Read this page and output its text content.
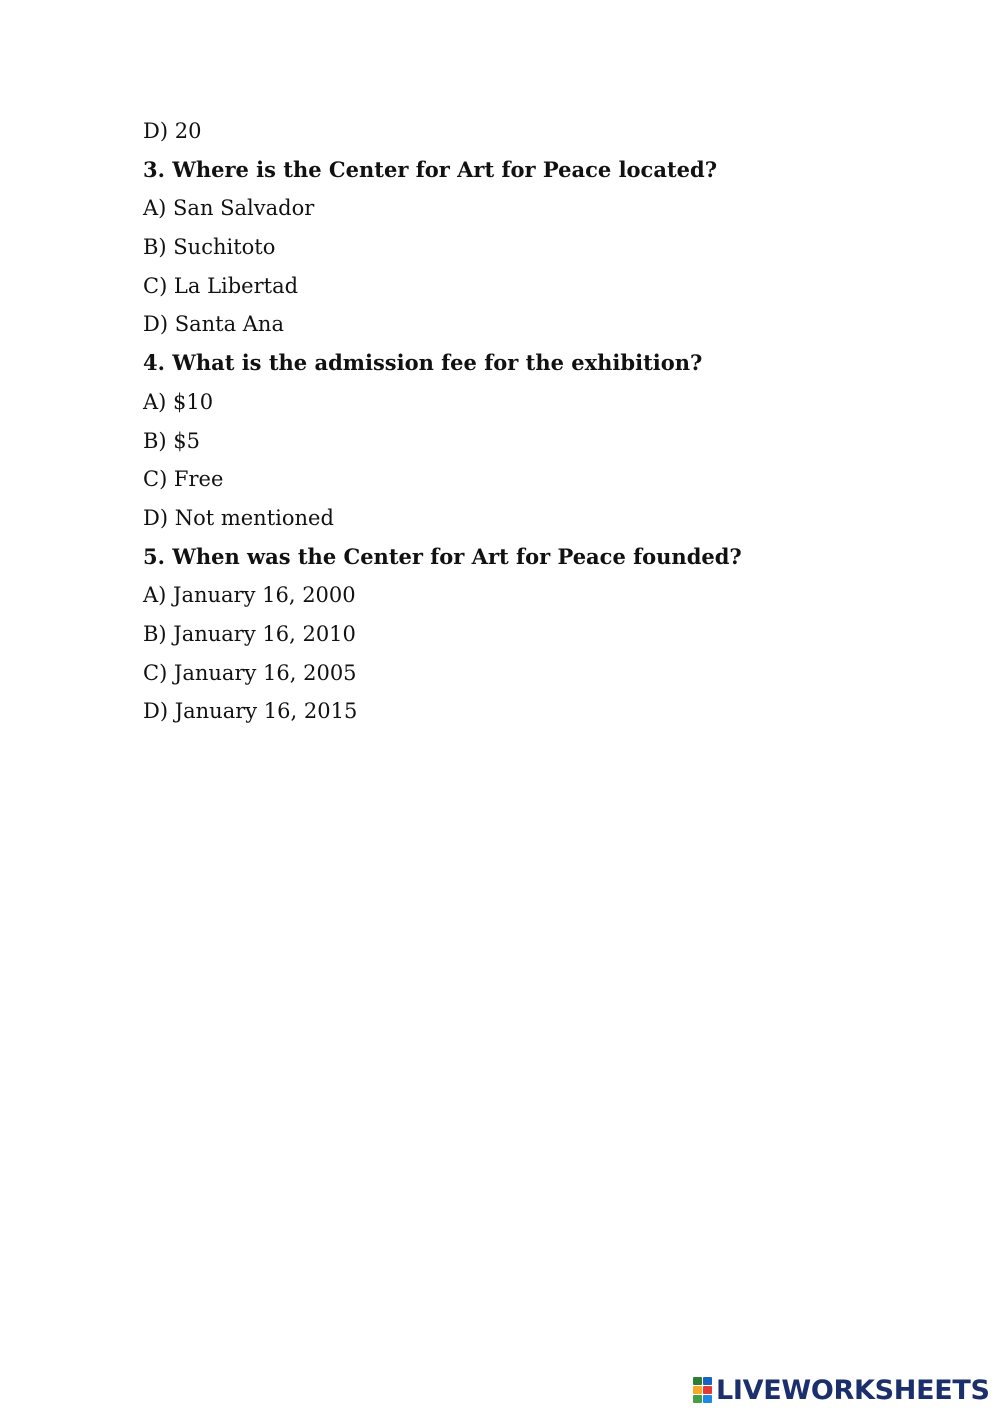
D) 20
3. Where is the Center for Art for Peace located?
A) San Salvador
B) Suchitoto
C) La Libertad
D) Santa Ana
4. What is the admission fee for the exhibition?
A) $10
B) $5
C) Free
D) Not mentioned
5. When was the Center for Art for Peace founded?
A) January 16, 2000
B) January 16, 2010
C) January 16, 2005
D) January 16, 2015
LIVEWORKSHEETS
